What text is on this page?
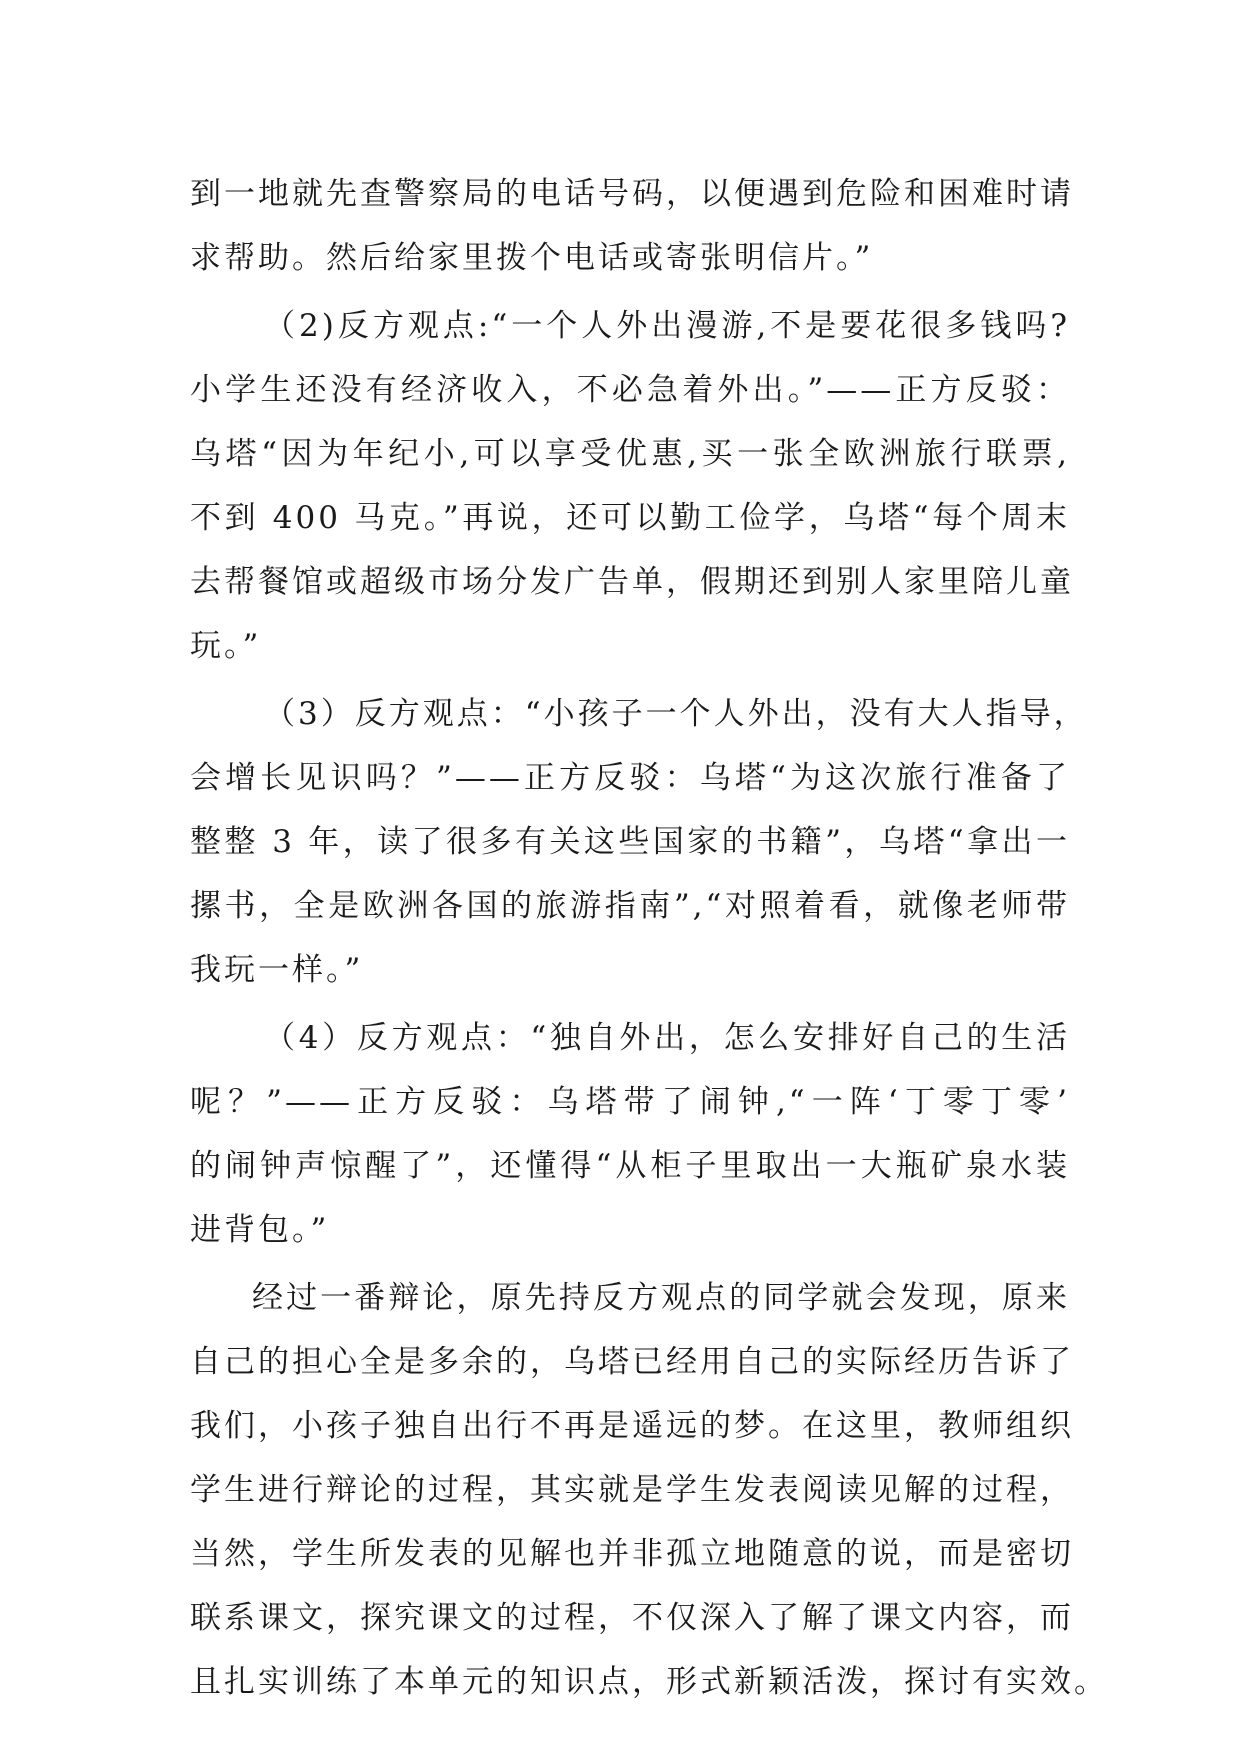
到一地就先查警察局的电话号码，以便遇到危险和困难时请
求帮助。然后给家里拨个电话或寄张明信片。”
（2)反方观点:“一个人外出漫游,不是要花很多钱吗?
小学生还没有经济收入，不必急着外出。”——正方反驳：
乌塔“因为年纪小,可以享受优惠,买一张全欧洲旅行联票,
不到 400 马克。”再说，还可以勤工俭学，乌塔“每个周末
去帮餐馆或超级市场分发广告单，假期还到别人家里陪儿童
玩。”
（3）反方观点：“小孩子一个人外出，没有大人指导，
会增长见识吗？”——正方反驳：乌塔“为这次旅行准备了
整整 3 年，读了很多有关这些国家的书籍”，乌塔“拿出一
摞书，全是欧洲各国的旅游指南”,“对照着看，就像老师带
我玩一样。”
（4）反方观点：“独自外出，怎么安排好自己的生活
呢？”——正方反驳：乌塔带了闹钟,“一阵‘丁零丁零’
的闹钟声惊醒了”，还懂得“从柜子里取出一大瓶矿泉水装
进背包。”
经过一番辩论，原先持反方观点的同学就会发现，原来
自己的担心全是多余的，乌塔已经用自己的实际经历告诉了
我们，小孩子独自出行不再是遥远的梦。在这里，教师组织
学生进行辩论的过程，其实就是学生发表阅读见解的过程，
当然，学生所发表的见解也并非孤立地随意的说，而是密切
联系课文，探究课文的过程，不仅深入了解了课文内容，而
且扎实训练了本单元的知识点，形式新颖活泼，探讨有实效。
